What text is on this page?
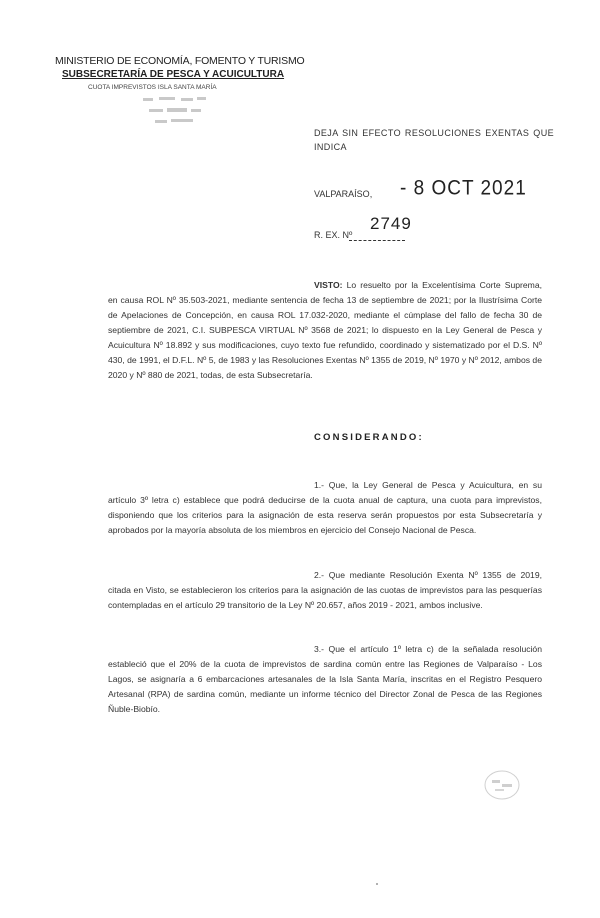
MINISTERIO DE ECONOMÍA, FOMENTO Y TURISMO
SUBSECRETARÍA DE PESCA Y ACUICULTURA
CUOTA IMPREVISTOS ISLA SANTA MARÍA
DEJA SIN EFECTO RESOLUCIONES EXENTAS QUE INDICA
VALPARAÍSO, - 8 OCT 2021
R. EX. Nº
2749
VISTO: Lo resuelto por la Excelentísima Corte Suprema, en causa ROL Nº 35.503-2021, mediante sentencia de fecha 13 de septiembre de 2021; por la Ilustrísima Corte de Apelaciones de Concepción, en causa ROL 17.032-2020, mediante el cúmplase del fallo de fecha 30 de septiembre de 2021, C.I. SUBPESCA VIRTUAL Nº 3568 de 2021; lo dispuesto en la Ley General de Pesca y Acuicultura Nº 18.892 y sus modificaciones, cuyo texto fue refundido, coordinado y sistematizado por el D.S. Nº 430, de 1991, el D.F.L. Nº 5, de 1983 y las Resoluciones Exentas Nº 1355 de 2019, Nº 1970 y Nº 2012, ambos de 2020 y Nº 880 de 2021, todas, de esta Subsecretaría.
CONSIDERANDO:
1.- Que, la Ley General de Pesca y Acuicultura, en su artículo 3º letra c) establece que podrá deducirse de la cuota anual de captura, una cuota para imprevistos, disponiendo que los criterios para la asignación de esta reserva serán propuestos por esta Subsecretaría y aprobados por la mayoría absoluta de los miembros en ejercicio del Consejo Nacional de Pesca.
2.- Que mediante Resolución Exenta Nº 1355 de 2019, citada en Visto, se establecieron los criterios para la asignación de las cuotas de imprevistos para las pesquerías contempladas en el artículo 29 transitorio de la Ley Nº 20.657, años 2019 - 2021, ambos inclusive.
3.- Que el artículo 1º letra c) de la señalada resolución estableció que el 20% de la cuota de imprevistos de sardina común entre las Regiones de Valparaíso - Los Lagos, se asignaría a 6 embarcaciones artesanales de la Isla Santa María, inscritas en el Registro Pesquero Artesanal (RPA) de sardina común, mediante un informe técnico del Director Zonal de Pesca de las Regiones Ñuble-Biobío.
